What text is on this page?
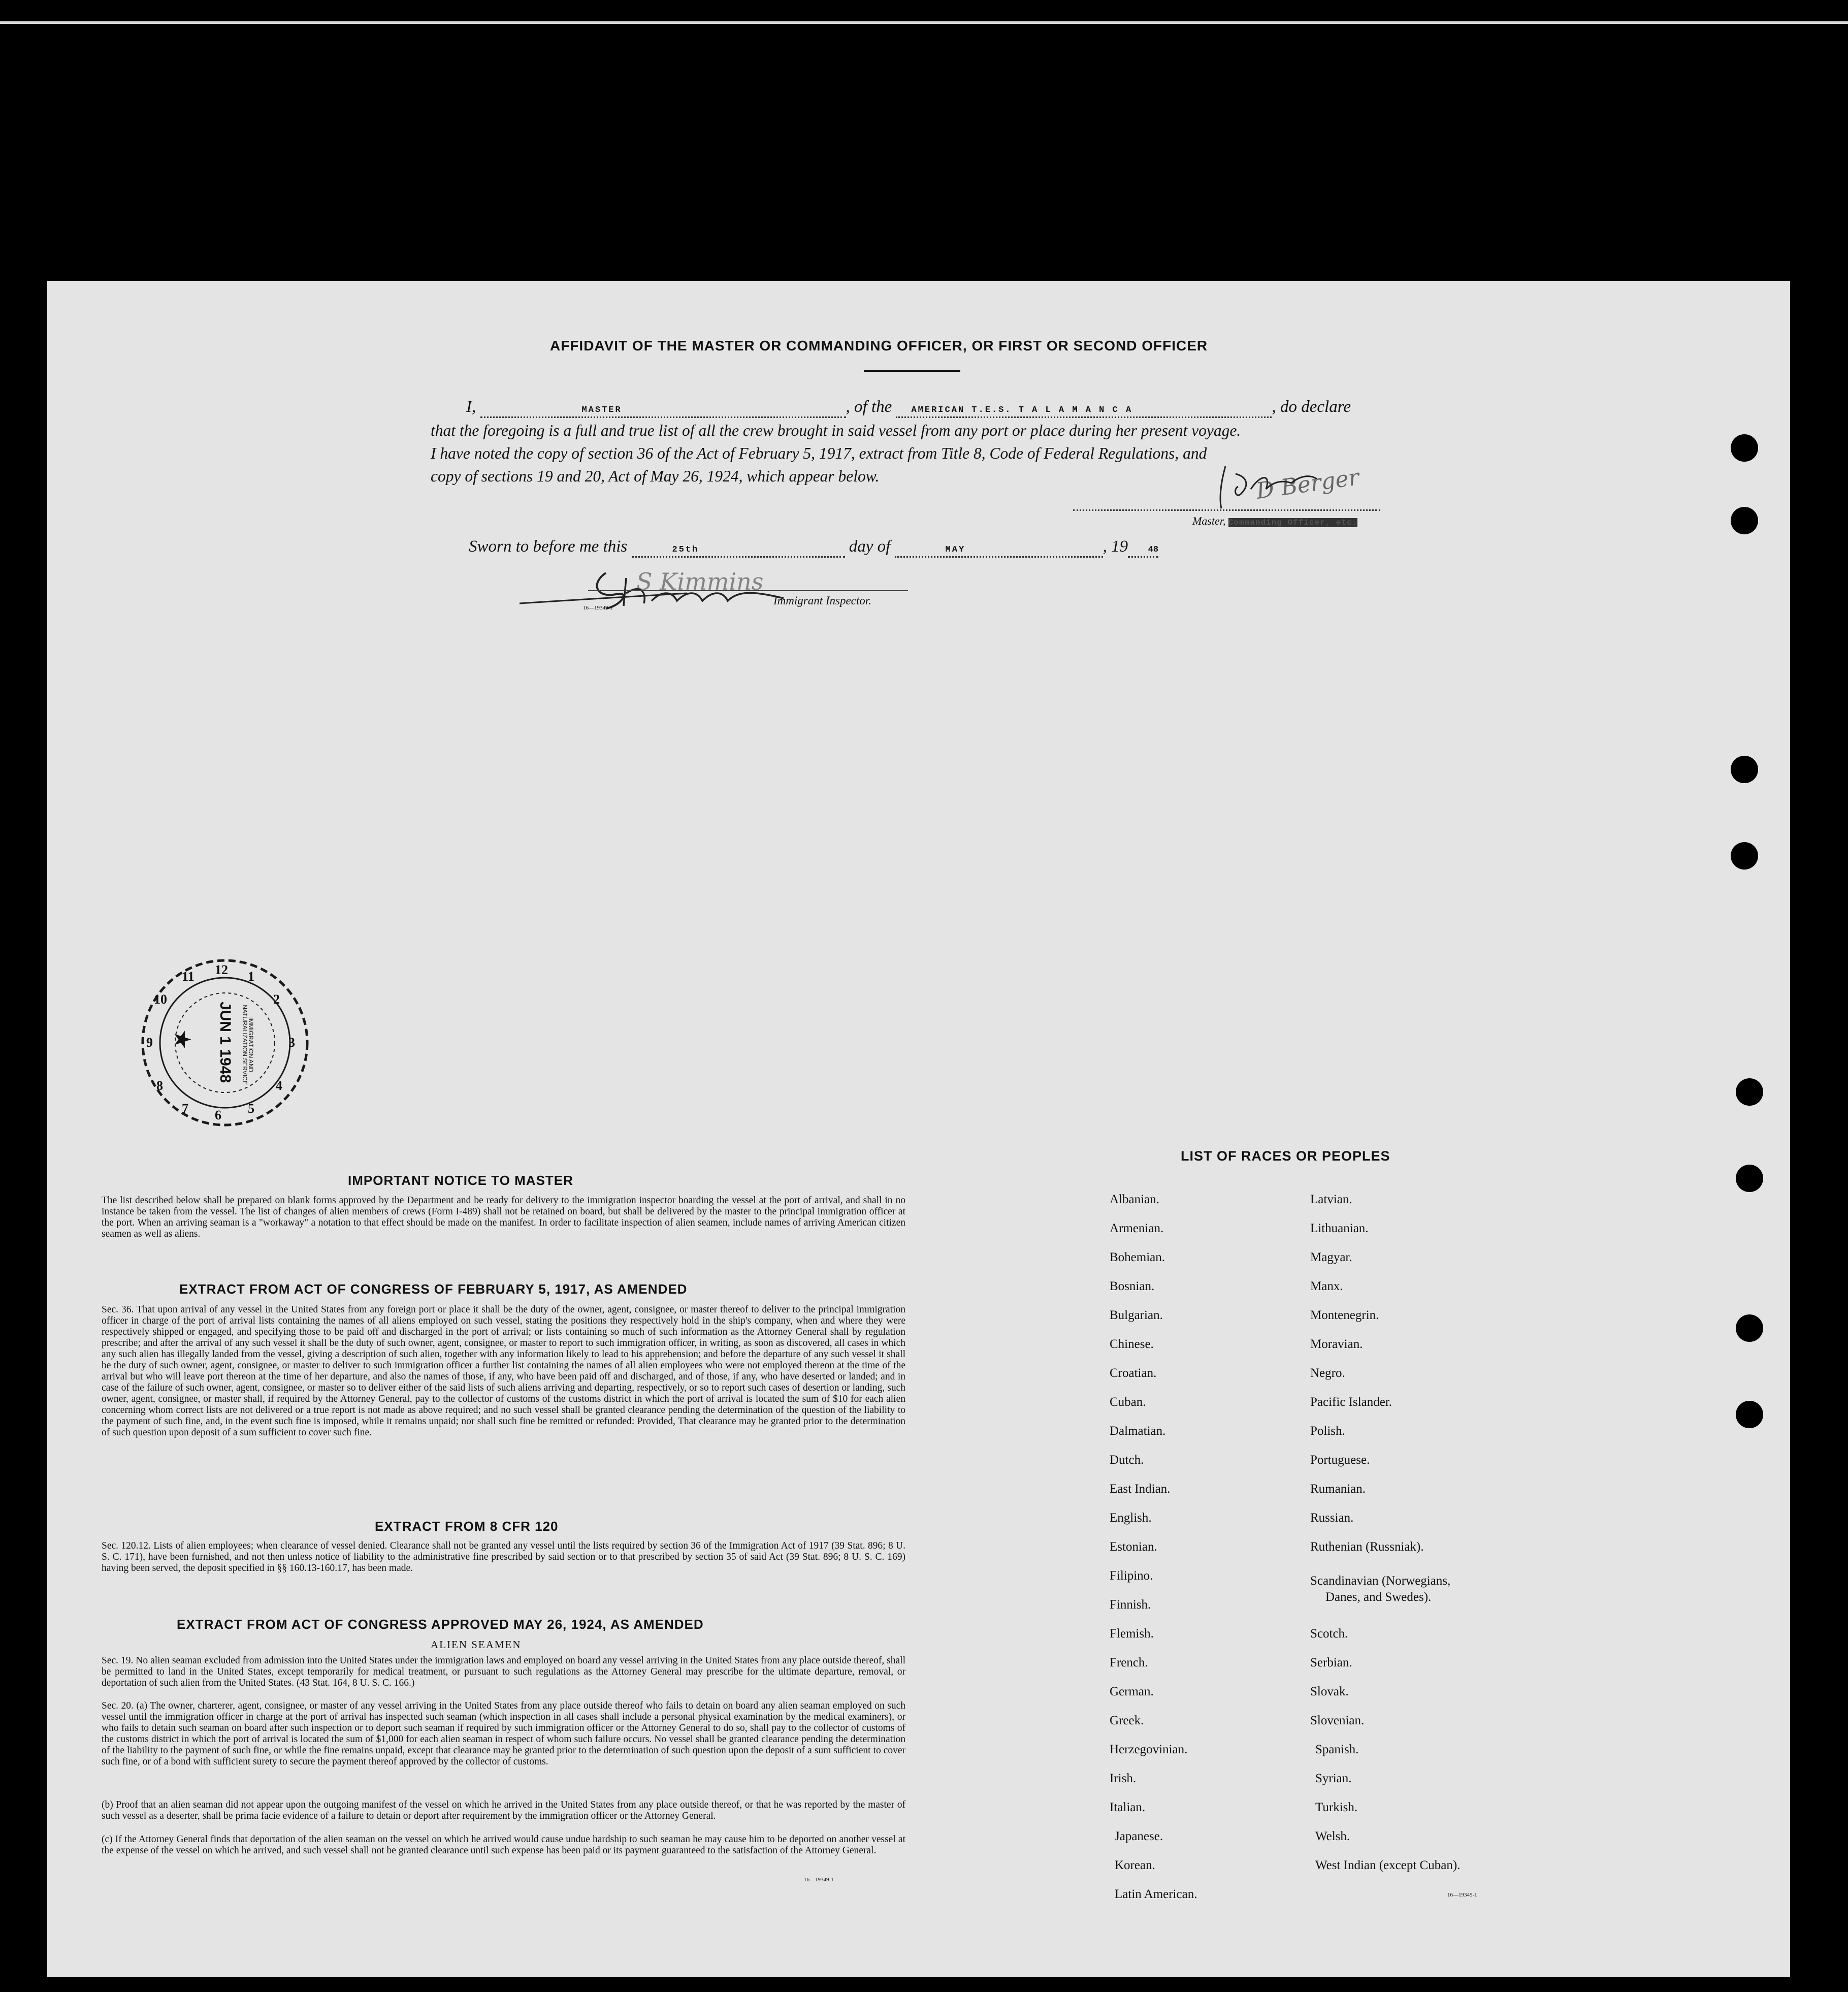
AFFIDAVIT OF THE MASTER OR COMMANDING OFFICER, OR FIRST OR SECOND OFFICER
I,	MASTER	, of the AMERICAN T.E.S. T A L A M A N C A	, do declare
that the foregoing is a full and true list of all the crew brought in said vessel from any port or place during her present voyage.
I have noted the copy of section 36 of the Act of February 5, 1917, extract from Title 8, Code of Federal Regulations, and
copy of sections 19 and 20, Act of May 26, 1924, which appear below.	D Berger
Master, Commanding Officer, etc.
Sworn to before me this	25th	day of	MAY	, 19 48
S Kimmins
16—19349-1
Immigrant Inspector.
12 1
2
3
4
5
6
7
8
9
10
11
JUN 1 1948	IMMIGRATION AND NATURALIZATION SERVICE
★
IMPORTANT NOTICE TO MASTER
The list described below shall be prepared on blank forms approved by the Department and be ready for delivery to the immigration inspector boarding the vessel at the port of arrival, and shall in no instance be taken from the vessel. The list of changes of alien members of crews (Form I-489) shall not be retained on board, but shall be delivered by the master to the principal immigration officer at the port. When an arriving seaman is a "workaway" a notation to that effect should be made on the manifest. In order to facilitate inspection of alien seamen, include names of arriving American citizen seamen as well as aliens.
EXTRACT FROM ACT OF CONGRESS OF FEBRUARY 5, 1917, AS AMENDED
Sec. 36. That upon arrival of any vessel in the United States from any foreign port or place it shall be the duty of the owner, agent, consignee, or master thereof to deliver to the principal immigration officer in charge of the port of arrival lists containing the names of all aliens employed on such vessel, stating the positions they respectively hold in the ship's company, when and where they were respectively shipped or engaged, and specifying those to be paid off and discharged in the port of arrival; or lists containing so much of such information as the Attorney General shall by regulation prescribe; and after the arrival of any such vessel it shall be the duty of such owner, agent, consignee, or master to report to such immigration officer, in writing, as soon as discovered, all cases in which any such alien has illegally landed from the vessel, giving a description of such alien, together with any information likely to lead to his apprehension; and before the departure of any such vessel it shall be the duty of such owner, agent, consignee, or master to deliver to such immigration officer a further list containing the names of all alien employees who were not employed thereon at the time of the arrival but who will leave port thereon at the time of her departure, and also the names of those, if any, who have been paid off and discharged, and of those, if any, who have deserted or landed; and in case of the failure of such owner, agent, consignee, or master so to deliver either of the said lists of such aliens arriving and departing, respectively, or so to report such cases of desertion or landing, such owner, agent, consignee, or master shall, if required by the Attorney General, pay to the collector of customs of the customs district in which the port of arrival is located the sum of $10 for each alien concerning whom correct lists are not delivered or a true report is not made as above required; and no such vessel shall be granted clearance pending the determination of the question of the liability to the payment of such fine, and, in the event such fine is imposed, while it remains unpaid; nor shall such fine be remitted or refunded: Provided, That clearance may be granted prior to the determination of such question upon deposit of a sum sufficient to cover such fine.
EXTRACT FROM 8 CFR 120
Sec. 120.12. Lists of alien employees; when clearance of vessel denied. Clearance shall not be granted any vessel until the lists required by section 36 of the Immigration Act of 1917 (39 Stat. 896; 8 U. S. C. 171), have been furnished, and not then unless notice of liability to the administrative fine prescribed by said section or to that prescribed by section 35 of said Act (39 Stat. 896; 8 U. S. C. 169) having been served, the deposit specified in §§ 160.13-160.17, has been made.
EXTRACT FROM ACT OF CONGRESS APPROVED MAY 26, 1924, AS AMENDED
ALIEN SEAMEN
Sec. 19. No alien seaman excluded from admission into the United States under the immigration laws and employed on board any vessel arriving in the United States from any place outside thereof, shall be permitted to land in the United States, except temporarily for medical treatment, or pursuant to such regulations as the Attorney General may prescribe for the ultimate departure, removal, or deportation of such alien from the United States. (43 Stat. 164, 8 U. S. C. 166.)
Sec. 20. (a) The owner, charterer, agent, consignee, or master of any vessel arriving in the United States from any place outside thereof who fails to detain on board any alien seaman employed on such vessel until the immigration officer in charge at the port of arrival has inspected such seaman (which inspection in all cases shall include a personal physical examination by the medical examiners), or who fails to detain such seaman on board after such inspection or to deport such seaman if required by such immigration officer or the Attorney General to do so, shall pay to the collector of customs of the customs district in which the port of arrival is located the sum of $1,000 for each alien seaman in respect of whom such failure occurs. No vessel shall be granted clearance pending the determination of the liability to the payment of such fine, or while the fine remains unpaid, except that clearance may be granted prior to the determination of such question upon the deposit of a sum sufficient to cover such fine, or of a bond with sufficient surety to secure the payment thereof approved by the collector of customs.
(b) Proof that an alien seaman did not appear upon the outgoing manifest of the vessel on which he arrived in the United States from any place outside thereof, or that he was reported by the master of such vessel as a deserter, shall be prima facie evidence of a failure to detain or deport after requirement by the immigration officer or the Attorney General.
(c) If the Attorney General finds that deportation of the alien seaman on the vessel on which he arrived would cause undue hardship to such seaman he may cause him to be deported on another vessel at the expense of the vessel on which he arrived, and such vessel shall not be granted clearance until such expense has been paid or its payment guaranteed to the satisfaction of the Attorney General.
16—19349-1
LIST OF RACES OR PEOPLES
Albanian.
Armenian.
Bohemian.
Bosnian.
Bulgarian.
Chinese.
Croatian.
Cuban.
Dalmatian.
Dutch.
East Indian.
English.
Estonian.
Filipino.
Finnish.
Flemish.
French.
German.
Greek.
Herzegovinian.
Irish.
Italian.
Japanese.
Korean.
Latin American.
Latvian.
Lithuanian.
Magyar.
Manx.
Montenegrin.
Moravian.
Negro.
Pacific Islander.
Polish.
Portuguese.
Rumanian.
Russian.
Ruthenian (Russniak).
Scandinavian (Norwegians,
Danes, and Swedes).
Scotch.
Serbian.
Slovak.
Slovenian.
Spanish.
Syrian.
Turkish.
Welsh.
West Indian (except Cuban).
16—19349-1
